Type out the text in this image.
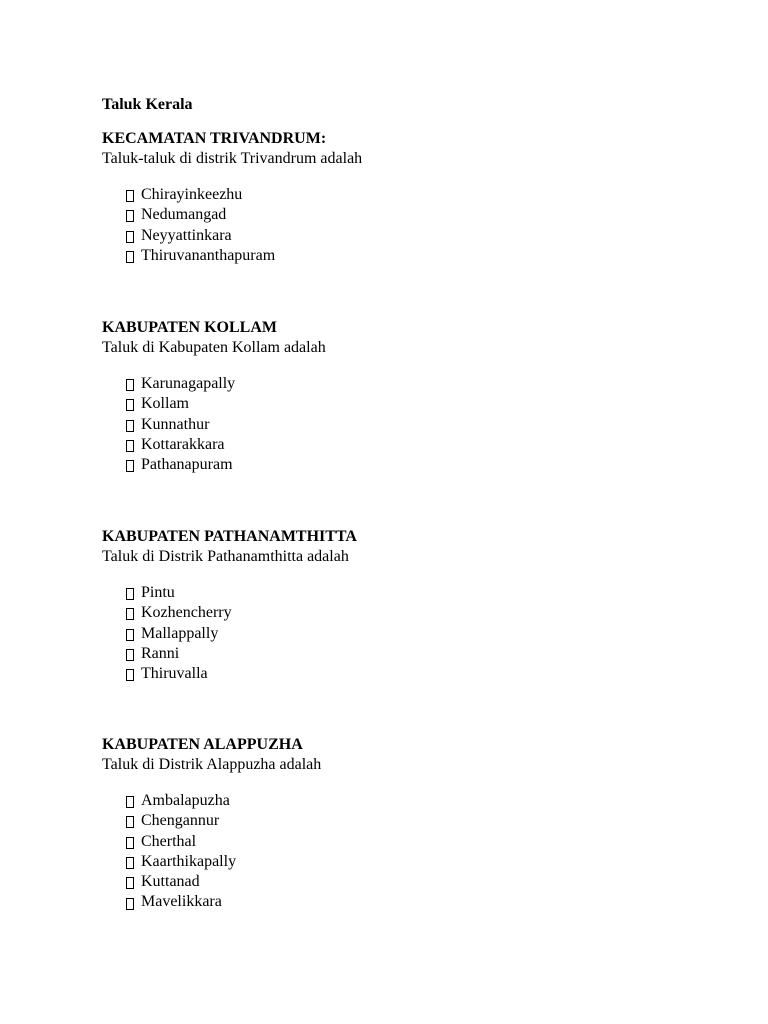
Taluk Kerala
KECAMATAN TRIVANDRUM:

Taluk-taluk di distrik Trivandrum adalah

Chirayinkeezhu
Nedumangad
Neyyattinkara
Thiruvananthapuram
KABUPATEN KOLLAM

Taluk di Kabupaten Kollam adalah

Karunagapally
Kollam
Kunnathur
Kottarakkara
Pathanapuram
KABUPATEN PATHANAMTHITTA

Taluk di Distrik Pathanamthitta adalah

Pintu
Kozhencherry
Mallappally
Ranni
Thiruvalla
KABUPATEN ALAPPUZHA

Taluk di Distrik Alappuzha adalah

Ambalapuzha
Chengannur
Cherthal
Kaarthikapally
Kuttanad
Mavelikkara
